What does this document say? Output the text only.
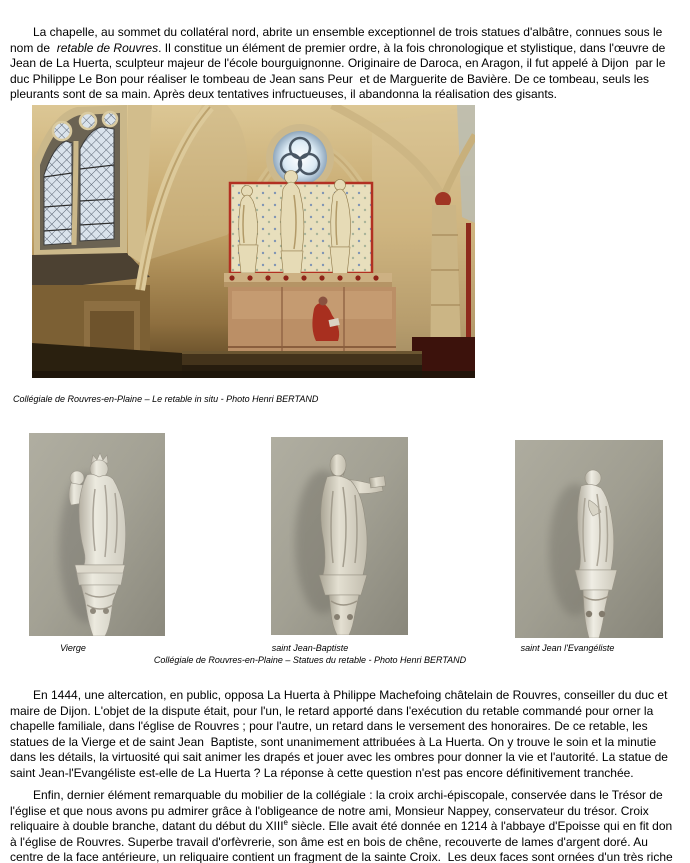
La chapelle, au sommet du collatéral nord, abrite un ensemble exceptionnel de trois statues d'albâtre, connues sous le nom de  retable de Rouvres. Il constitue un élément de premier ordre, à la fois chronologique et stylistique, dans l'œuvre de Jean de La Huerta, sculpteur majeur de l'école bourguignonne. Originaire de Daroca, en Aragon, il fut appelé à Dijon  par le duc Philippe Le Bon pour réaliser le tombeau de Jean sans Peur  et de Marguerite de Bavière. De ce tombeau, seuls les pleurants sont de sa main. Après deux tentatives infructueuses, il abandonna la réalisation des gisants.

Collégiale de Rouvres-en-Plaine – Le retable in situ - Photo Henri BERTAND
Vierge	saint Jean-Baptiste	saint Jean l'Evangéliste
Collégiale de Rouvres-en-Plaine – Statues du retable - Photo Henri BERTAND

En 1444, une altercation, en public, opposa La Huerta à Philippe Machefoing châtelain de Rouvres, conseiller du duc et maire de Dijon. L'objet de la dispute était, pour l'un, le retard apporté dans l'exécution du retable commandé pour orner la chapelle familiale, dans l'église de Rouvres ; pour l'autre, un retard dans le versement des honoraires. De ce retable, les statues de la Vierge et de saint Jean  Baptiste, sont unanimement attribuées à La Huerta. On y trouve le soin et la minutie dans les détails, la virtuosité qui sait animer les drapés et jouer avec les ombres pour donner la vie et l'autorité. La statue de saint Jean-l'Evangéliste est-elle de La Huerta ? La réponse à cette question n'est pas encore définitivement tranchée.

Enfin, dernier élément remarquable du mobilier de la collégiale : la croix archi-épiscopale, conservée dans le Trésor de l'église et que nous avons pu admirer grâce à l'obligeance de notre ami, Monsieur Nappey, conservateur du trésor. Croix reliquaire à double branche, datant du début du XIIIe siècle. Elle avait été donnée en 1214 à l'abbaye d'Epoisse qui en fit don à l'église de Rouvres. Superbe travail d'orfèvrerie, son âme est en bois de chêne, recouverte de lames d'argent doré. Au centre de la face antérieure, un reliquaire contient un fragment de la sainte Croix.  Les deux faces sont ornées d'un très riche
